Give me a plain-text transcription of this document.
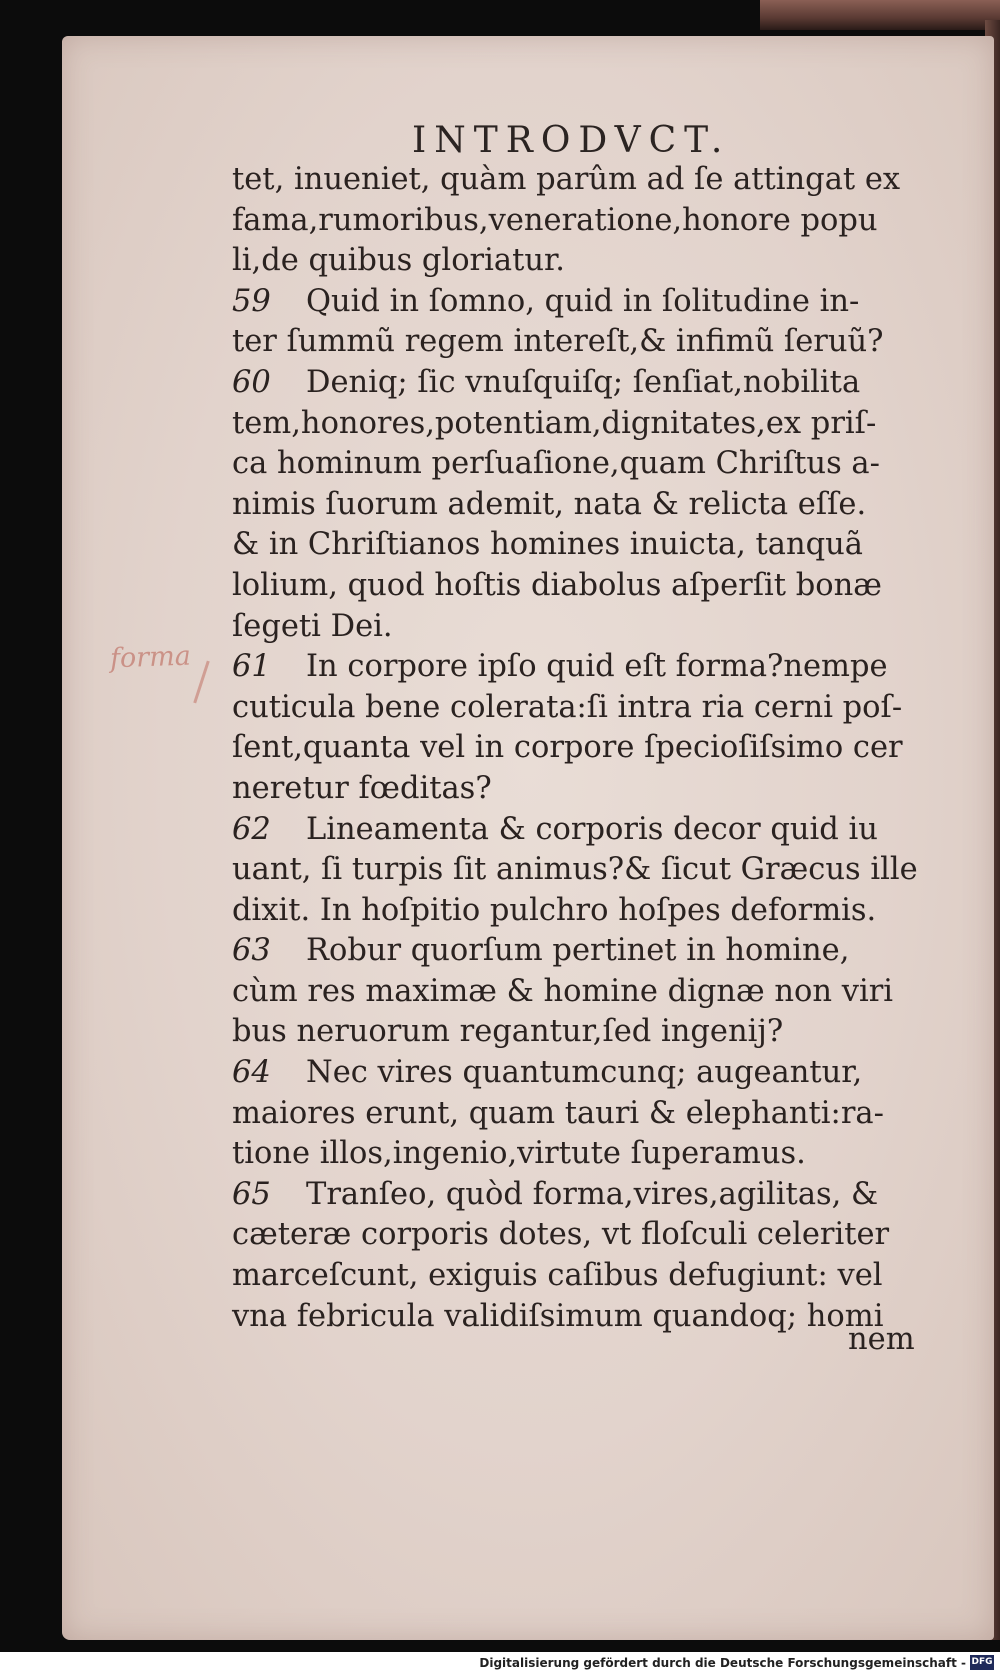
INTRODVCT.
forma
tet, inueniet, quàm parûm ad ſe attingat ex
fama,rumoribus,veneratione,honore popu
li,de quibus gloriatur.
59 Quid in ſomno, quid in ſolitudine in-
ter ſummũ regem intereſt,& infimũ ſeruũ?
60 Deniq; ſic vnuſquiſq; ſenſiat,nobilita
tem,honores,potentiam,dignitates,ex priſ-
ca hominum perſuaſione,quam Chriſtus a-
nimis ſuorum ademit, nata & relicta eſſe.
& in Chriſtianos homines inuicta, tanquã
lolium, quod hoſtis diabolus aſperſit bonæ
ſegeti Dei.
61 In corpore ipſo quid eſt forma?nempe
cuticula bene colerata:ſi intra ria cerni poſ-
ſent,quanta vel in corpore ſpecioſiſsimo cer
neretur fœditas?
62 Lineamenta & corporis decor quid iu
uant, ſi turpis ſit animus?& ſicut Græcus ille
dixit. In hoſpitio pulchro hoſpes deformis.
63 Robur quorſum pertinet in homine,
cùm res maximæ & homine dignæ non viri
bus neruorum regantur,ſed ingenij?
64 Nec vires quantumcunq; augeantur,
maiores erunt, quam tauri & elephanti:ra-
tione illos,ingenio,virtute ſuperamus.
65 Tranſeo, quòd forma,vires,agilitas, &
cæteræ corporis dotes, vt floſculi celeriter
marceſcunt, exiguis caſibus defugiunt: vel
vna febricula validiſsimum quandoq; homi
nem
Digitalisierung gefördert durch die Deutsche Forschungsgemeinschaft - DFG
